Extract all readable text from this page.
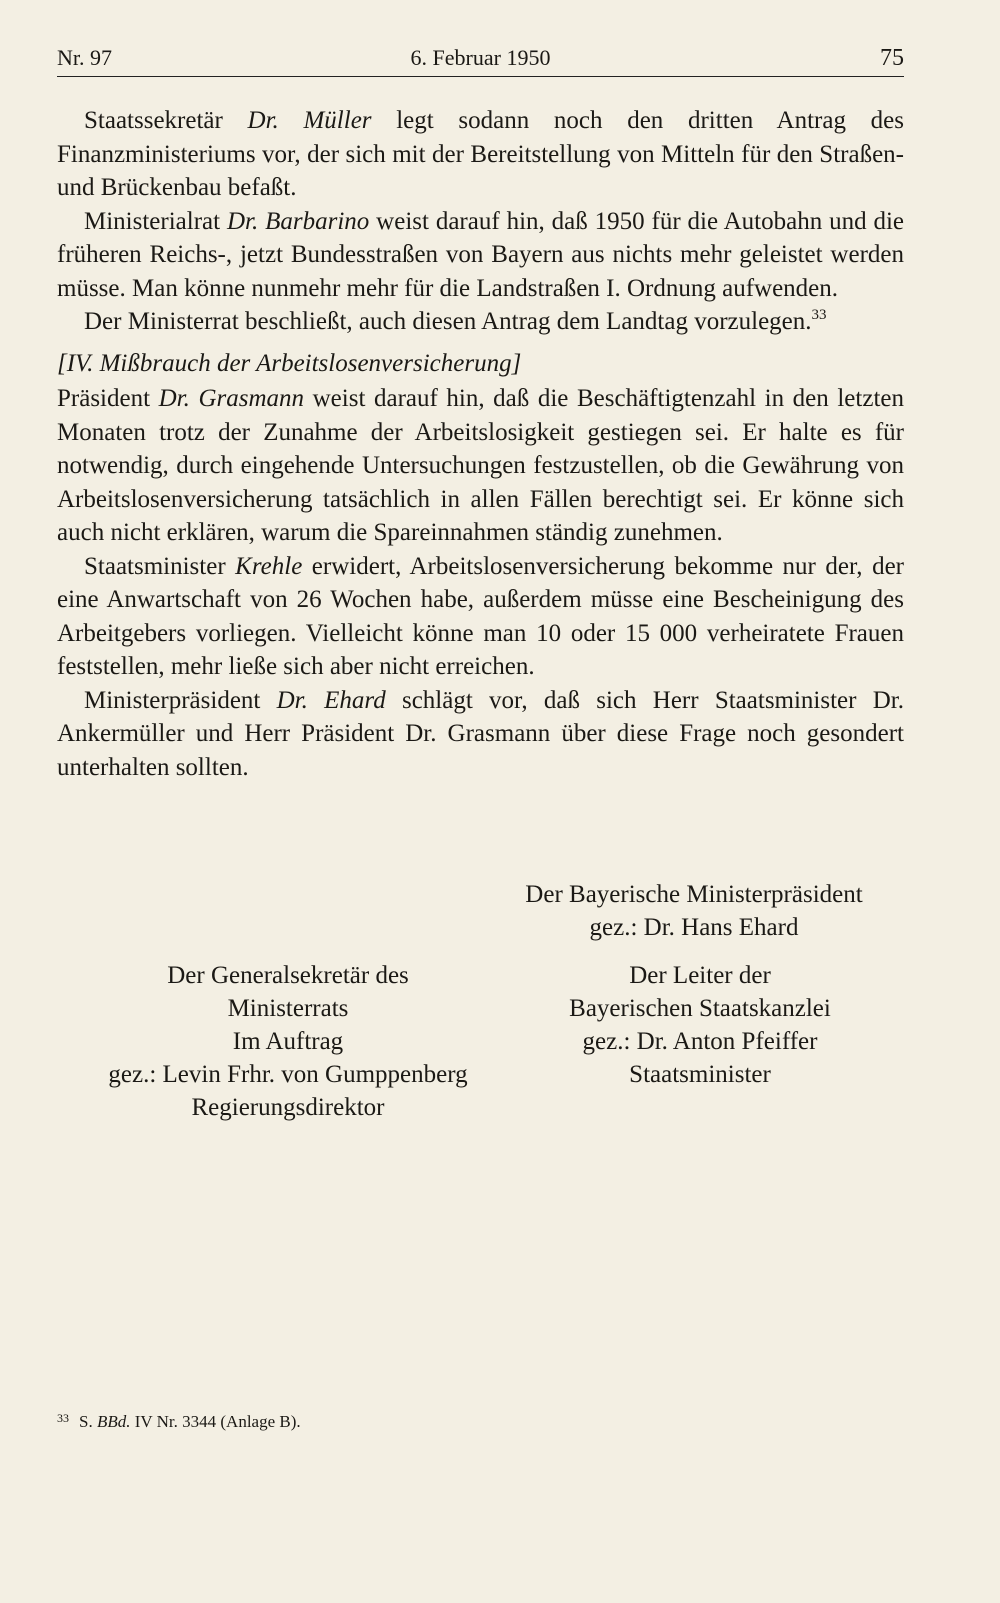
Nr. 97	6. Februar 1950	75

Staatssekretär Dr. Müller legt sodann noch den dritten Antrag des Finanzministeriums vor, der sich mit der Bereitstellung von Mitteln für den Straßen- und Brückenbau befaßt.

Ministerialrat Dr. Barbarino weist darauf hin, daß 1950 für die Autobahn und die früheren Reichs-, jetzt Bundesstraßen von Bayern aus nichts mehr geleistet werden müsse. Man könne nunmehr mehr für die Landstraßen I. Ordnung aufwenden.

Der Ministerrat beschließt, auch diesen Antrag dem Landtag vorzulegen.$^{33}$

[IV. Mißbrauch der Arbeitslosenversicherung]

Präsident Dr. Grasmann weist darauf hin, daß die Beschäftigtenzahl in den letzten Monaten trotz der Zunahme der Arbeitslosigkeit gestiegen sei. Er halte es für notwendig, durch eingehende Untersuchungen festzustellen, ob die Gewährung von Arbeitslosenversicherung tatsächlich in allen Fällen berechtigt sei. Er könne sich auch nicht erklären, warum die Spareinnahmen ständig zunehmen.

Staatsminister Krehle erwidert, Arbeitslosenversicherung bekomme nur der, der eine Anwartschaft von 26 Wochen habe, außerdem müsse eine Bescheinigung des Arbeitgebers vorliegen. Vielleicht könne man 10 oder 15 000 verheiratete Frauen feststellen, mehr ließe sich aber nicht erreichen.

Ministerpräsident Dr. Ehard schlägt vor, daß sich Herr Staatsminister Dr. Ankermüller und Herr Präsident Dr. Grasmann über diese Frage noch gesondert unterhalten sollten.

Der Bayerische Ministerpräsident
gez.: Dr. Hans Ehard
Der Generalsekretär des
Ministerrats
Im Auftrag
gez.: Levin Frhr. von Gumppenberg
Regierungsdirektor
Der Leiter der
Bayerischen Staatskanzlei
gez.: Dr. Anton Pfeiffer
Staatsminister
$^{33}$ S. BBd. IV Nr. 3344 (Anlage B).
